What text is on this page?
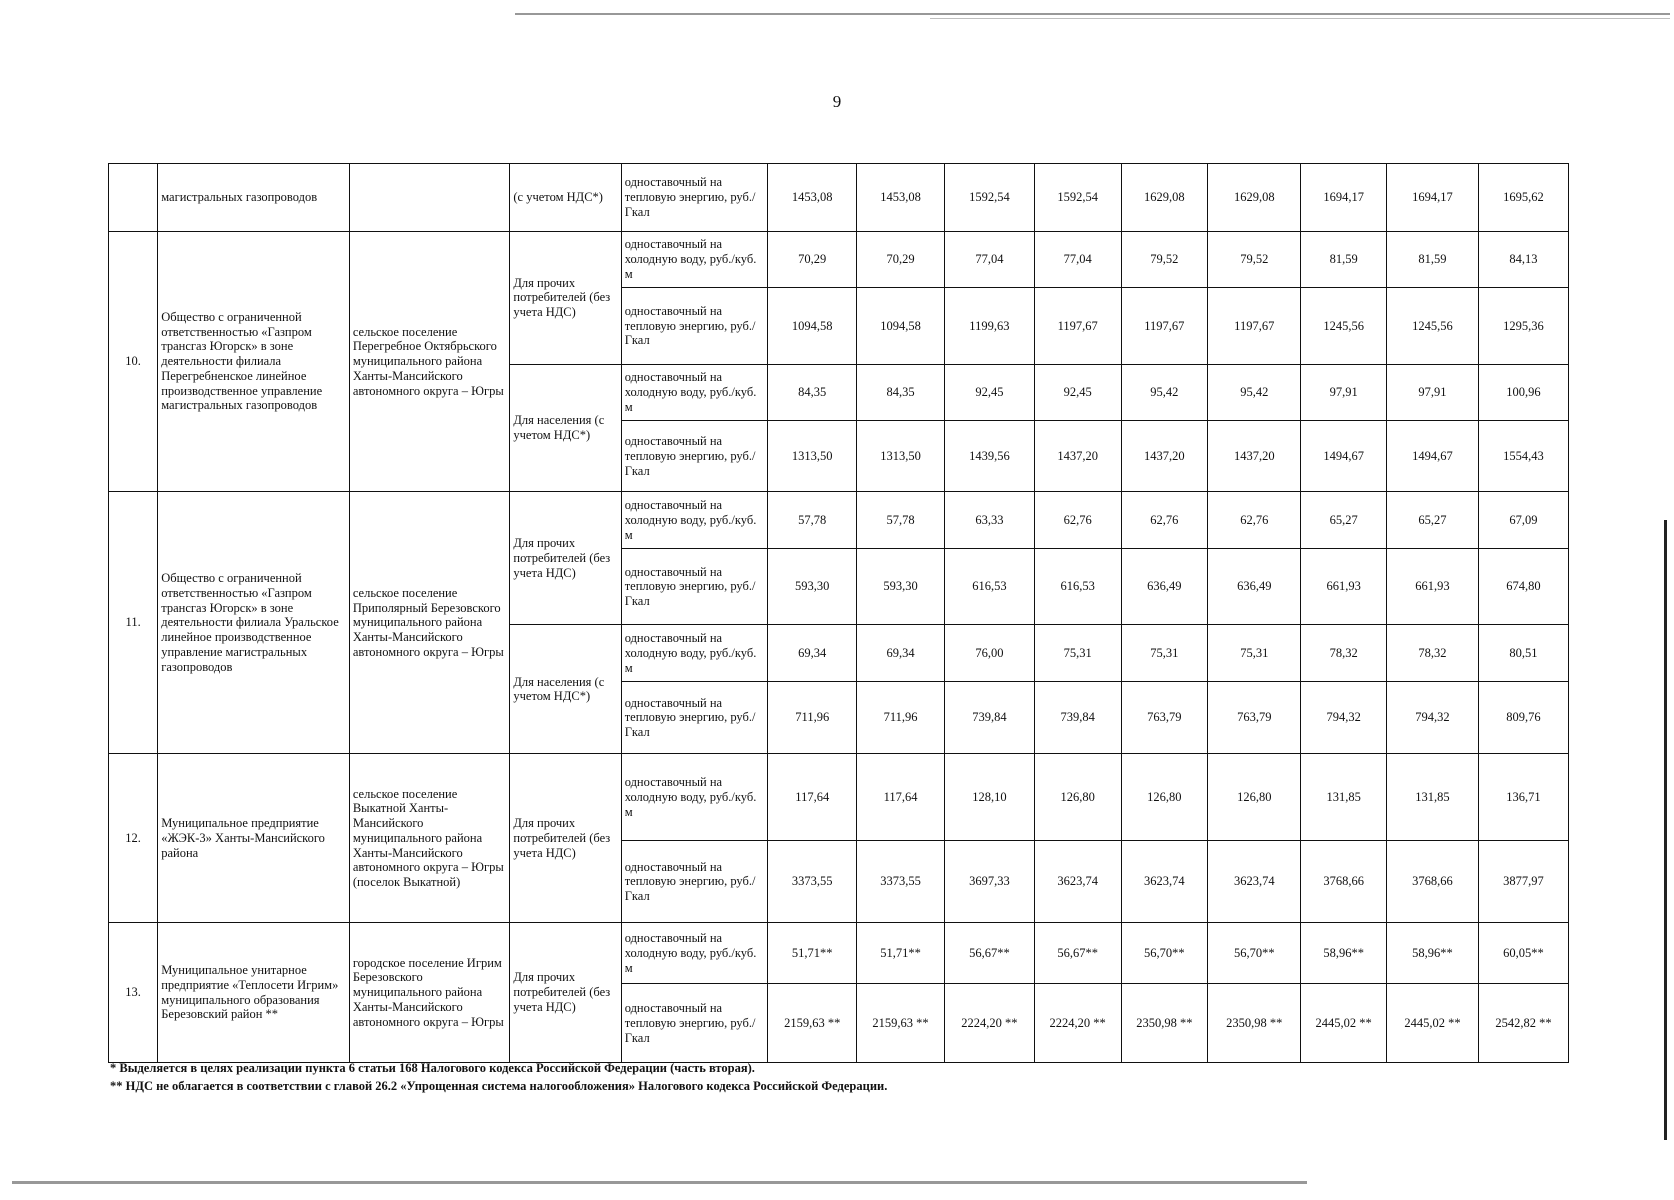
9
	магистральных газопроводов		(с учетом НДС*)	одноставочный на тепловую энергию, руб./ Гкал	1453,08	1453,08	1592,54	1592,54	1629,08	1629,08	1694,17	1694,17	1695,62
10.	Общество с ограниченной ответственностью «Газпром трансгаз Югорск» в зоне деятельности филиала Перегребненское линейное производственное управление магистральных газопроводов	сельское поселение Перегребное Октябрьского муниципального района Ханты-Мансийского автономного округа – Югры	Для прочих потребителей (без учета НДС)	одноставочный на холодную воду, руб./куб. м	70,29	70,29	77,04	77,04	79,52	79,52	81,59	81,59	84,13
				одноставочный на тепловую энергию, руб./ Гкал	1094,58	1094,58	1199,63	1197,67	1197,67	1197,67	1245,56	1245,56	1295,36
			Для населения (с учетом НДС*)	одноставочный на холодную воду, руб./куб. м	84,35	84,35	92,45	92,45	95,42	95,42	97,91	97,91	100,96
				одноставочный на тепловую энергию, руб./ Гкал	1313,50	1313,50	1439,56	1437,20	1437,20	1437,20	1494,67	1494,67	1554,43
11.	Общество с ограниченной ответственностью «Газпром трансгаз Югорск» в зоне деятельности филиала Уральское линейное производственное управление магистральных газопроводов	сельское поселение Приполярный Березовского муниципального района Ханты-Мансийского автономного округа – Югры	Для прочих потребителей (без учета НДС)	одноставочный на холодную воду, руб./куб. м	57,78	57,78	63,33	62,76	62,76	62,76	65,27	65,27	67,09
				одноставочный на тепловую энергию, руб./ Гкал	593,30	593,30	616,53	616,53	636,49	636,49	661,93	661,93	674,80
			Для населения (с учетом НДС*)	одноставочный на холодную воду, руб./куб. м	69,34	69,34	76,00	75,31	75,31	75,31	78,32	78,32	80,51
				одноставочный на тепловую энергию, руб./ Гкал	711,96	711,96	739,84	739,84	763,79	763,79	794,32	794,32	809,76
12.	Муниципальное предприятие «ЖЭК-3» Ханты-Мансийского района	сельское поселение Выкатной Ханты-Мансийского муниципального района Ханты-Мансийского автономного округа – Югры (поселок Выкатной)	Для прочих потребителей (без учета НДС)	одноставочный на холодную воду, руб./куб. м	117,64	117,64	128,10	126,80	126,80	126,80	131,85	131,85	136,71
				одноставочный на тепловую энергию, руб./ Гкал	3373,55	3373,55	3697,33	3623,74	3623,74	3623,74	3768,66	3768,66	3877,97
13.	Муниципальное унитарное предприятие «Теплосети Игрим» муниципального образования Березовский район **	городское поселение Игрим Березовского муниципального района Ханты-Мансийского автономного округа – Югры	Для прочих потребителей (без учета НДС)	одноставочный на холодную воду, руб./куб. м	51,71**	51,71**	56,67**	56,67**	56,70**	56,70**	58,96**	58,96**	60,05**
				одноставочный на тепловую энергию, руб./ Гкал	2159,63 **	2159,63 **	2224,20 **	2224,20 **	2350,98 **	2350,98 **	2445,02 **	2445,02 **	2542,82 **
* Выделяется в целях реализации пункта 6 статьи 168 Налогового кодекса Российской Федерации (часть вторая).
** НДС не облагается в соответствии с главой 26.2 «Упрощенная система налогообложения» Налогового кодекса Российской Федерации.
